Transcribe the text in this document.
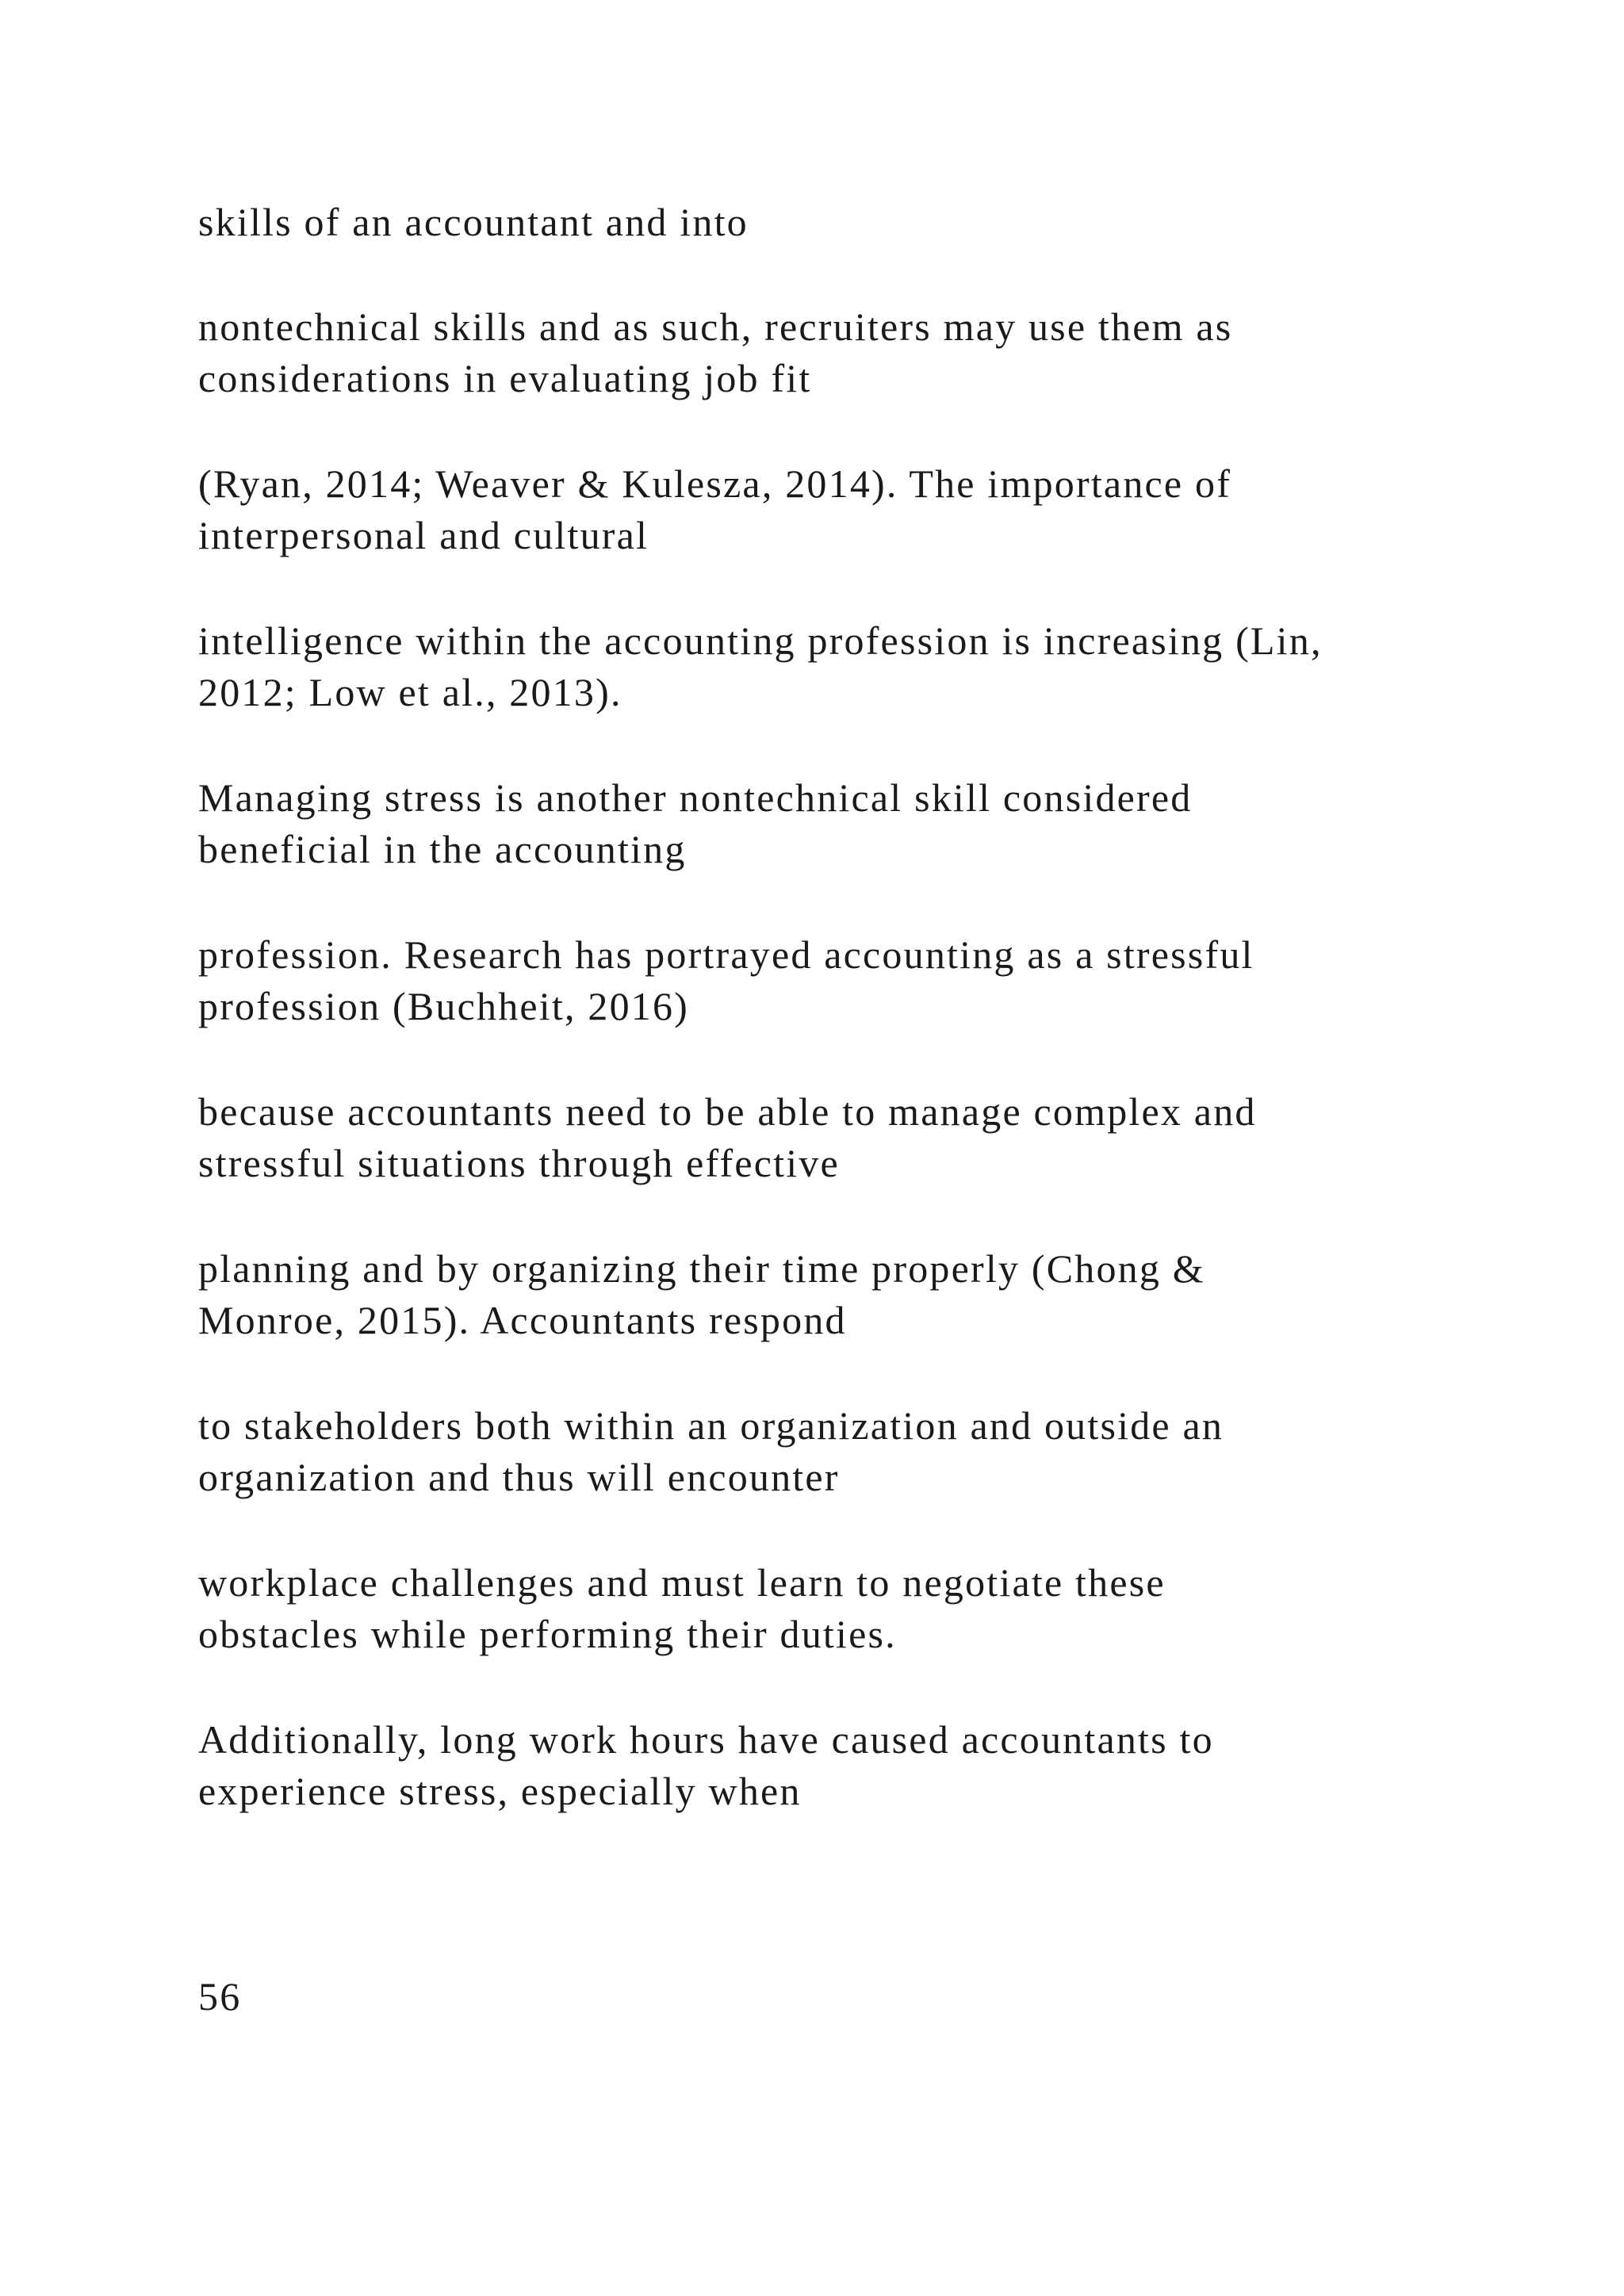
skills of an accountant and into

nontechnical skills and as such, recruiters may use them as
considerations in evaluating job fit

(Ryan, 2014; Weaver & Kulesza, 2014). The importance of
interpersonal and cultural

intelligence within the accounting profession is increasing (Lin,
2012; Low et al., 2013).

Managing stress is another nontechnical skill considered
beneficial in the accounting

profession. Research has portrayed accounting as a stressful
profession (Buchheit, 2016)

because accountants need to be able to manage complex and
stressful situations through effective

planning and by organizing their time properly (Chong &
Monroe, 2015). Accountants respond

to stakeholders both within an organization and outside an
organization and thus will encounter

workplace challenges and must learn to negotiate these
obstacles while performing their duties.

Additionally, long work hours have caused accountants to
experience stress, especially when

56
